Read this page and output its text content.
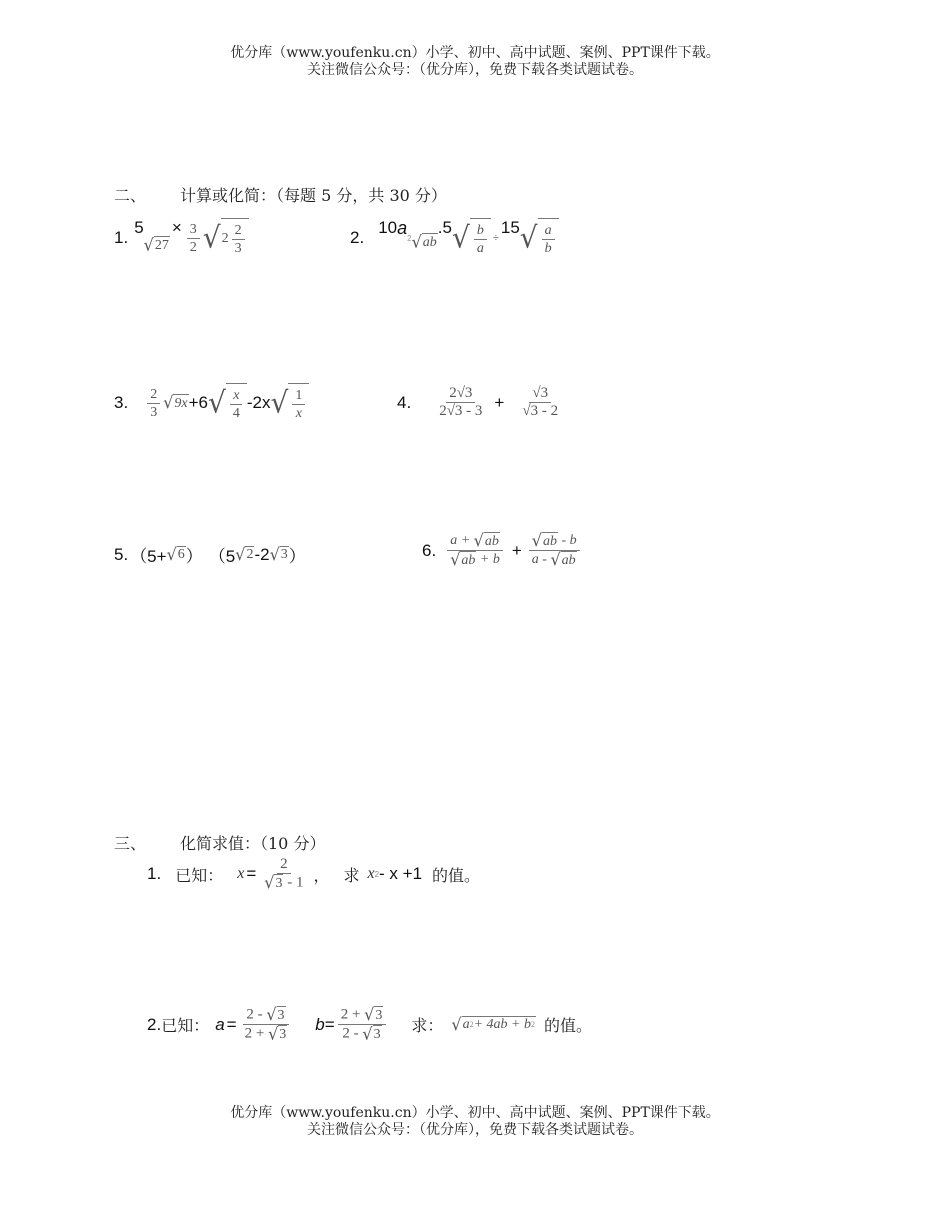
优分库（www.youfenku.cn）小学、初中、高中试题、案例、PPT课件下载。
关注微信公众号：（优分库），免费下载各类试题试卷。
二、 计算或化简：（每题 5 分，共 30 分）
1.
5
√ 27
× $\frac{3}{2}$ √ $2 \frac{2}{3}$	2.
10 a 2 √ ab
.5 √ $\frac{b}{a}$ ÷
15 √ $\frac{a}{b}$
3. $\frac{2}{3}$ √ 9x +6 √ $\frac{x}{4} -2x$ √ $\frac{1}{x}$	4. $\frac{2√3}{2√3 - 3} + \frac{√3}{√3 - 2}$
5. （5+ √ 6 ） （5 √ 2 -2 √ 3 ）	6. $\frac{a + √ ab}{√ ab + b} + \frac{√ ab - b}{a - √ ab}$
三、 化简求值：（10 分）
1. 已知： $x = \frac{2}{√ 3 - 1}$ ， 求 x 2 - x +1 的值。
2. 已知： $a = \frac{2 - √ 3}{2 + √ 3}$ $b = \frac{2 + √ 3}{2 - √ 3}$ 求： √ a 2 + 4ab + b 2 的值。
优分库（www.youfenku.cn）小学、初中、高中试题、案例、PPT课件下载。
关注微信公众号：（优分库），免费下载各类试题试卷。
